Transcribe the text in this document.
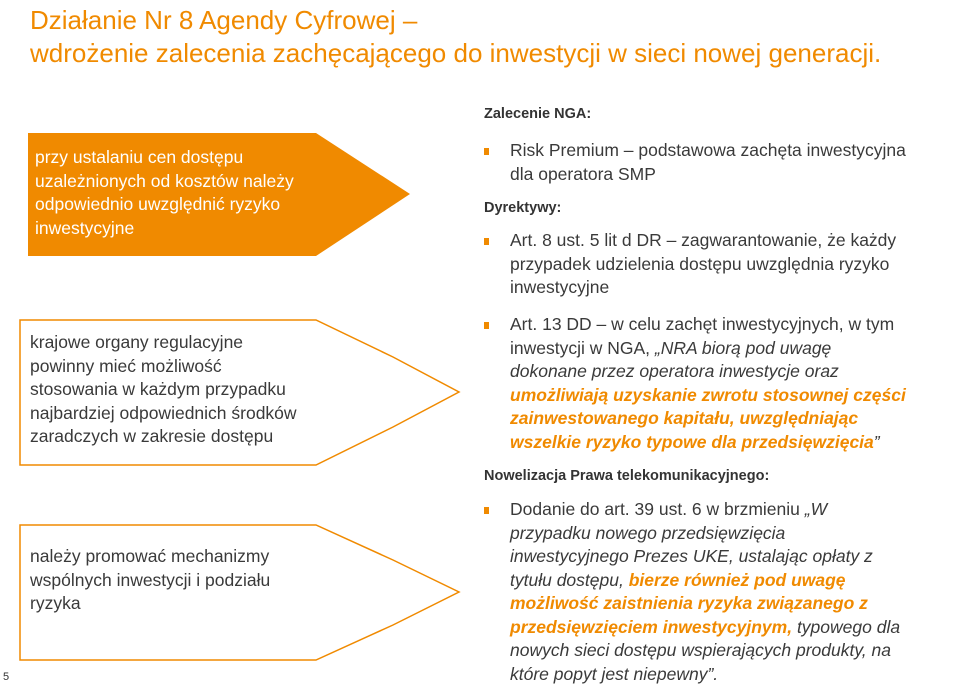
Działanie Nr 8 Agendy Cyfrowej –
wdrożenie zalecenia zachęcającego do inwestycji w sieci nowej generacji.
przy ustalaniu cen dostępu
uzależnionych od kosztów należy
odpowiednio uwzględnić ryzyko
inwestycyjne
krajowe organy regulacyjne
powinny mieć możliwość
stosowania w każdym przypadku
najbardziej odpowiednich środków
zaradczych w zakresie dostępu
należy promować mechanizmy
wspólnych inwestycji i podziału
ryzyka
5
Zalecenie NGA:
Risk Premium – podstawowa zachęta inwestycyjna
dla operatora SMP
Dyrektywy:
Art. 8 ust. 5 lit d DR – zagwarantowanie, że każdy
przypadek udzielenia dostępu uwzględnia ryzyko
inwestycyjne
Art. 13 DD – w celu zachęt inwestycyjnych, w tym
inwestycji w NGA, „NRA biorą pod uwagę
dokonane przez operatora inwestycje oraz
umożliwiają uzyskanie zwrotu stosownej części
zainwestowanego kapitału, uwzględniając
wszelkie ryzyko typowe dla przedsięwzięcia”
Nowelizacja Prawa telekomunikacyjnego:
Dodanie do art. 39 ust. 6 w brzmieniu „W
przypadku nowego przedsięwzięcia
inwestycyjnego Prezes UKE, ustalając opłaty z
tytułu dostępu, bierze również pod uwagę
możliwość zaistnienia ryzyka związanego z
przedsięwzięciem inwestycyjnym, typowego dla
nowych sieci dostępu wspierających produkty, na
które popyt jest niepewny”.
